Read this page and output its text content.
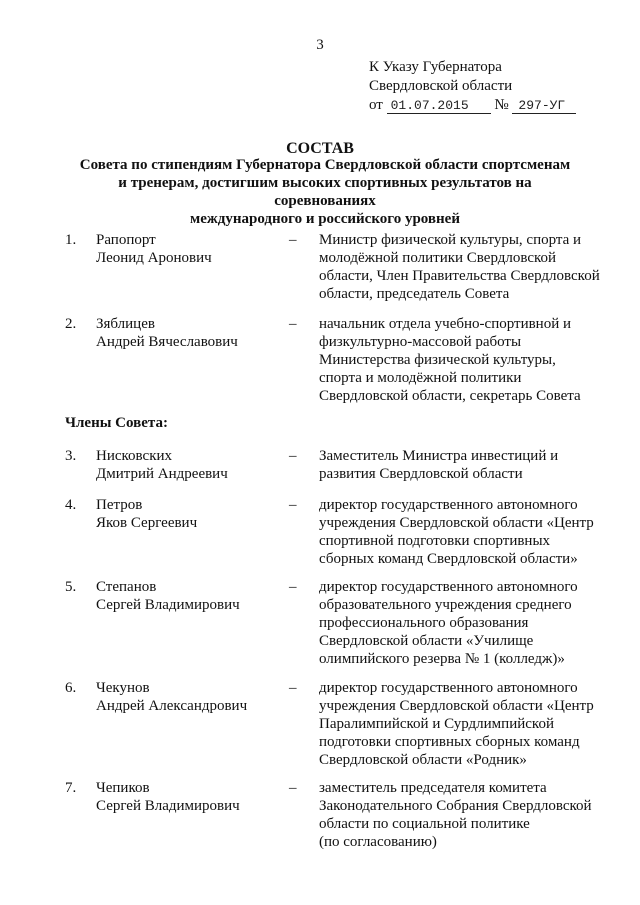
3
К Указу Губернатора
Свердловской области
от 01.07.2015 № 297-УГ
СОСТАВ
Совета по стипендиям Губернатора Свердловской области спортсменам
и тренерам, достигшим высоких спортивных результатов на соревнованиях
международного и российского уровней
1. Рапопорт
Леонид Аронович
– Министр физической культуры, спорта и
молодёжной политики Свердловской
области, Член Правительства Свердловской
области, председатель Совета
2. Зяблицев
Андрей Вячеславович
– начальник отдела учебно-спортивной и
физкультурно-массовой работы
Министерства физической культуры,
спорта и молодёжной политики
Свердловской области, секретарь Совета
Члены Совета:
3. Нисковских
Дмитрий Андреевич
– Заместитель Министра инвестиций и
развития Свердловской области
4. Петров
Яков Сергеевич
– директор государственного автономного
учреждения Свердловской области «Центр
спортивной подготовки спортивных
сборных команд Свердловской области»
5. Степанов
Сергей Владимирович
– директор государственного автономного
образовательного учреждения среднего
профессионального образования
Свердловской области «Училище
олимпийского резерва № 1 (колледж)»
6. Чекунов
Андрей Александрович
– директор государственного автономного
учреждения Свердловской области «Центр
Паралимпийской и Сурдлимпийской
подготовки спортивных сборных команд
Свердловской области «Родник»
7. Чепиков
Сергей Владимирович
– заместитель председателя комитета
Законодательного Собрания Свердловской
области по социальной политике
(по согласованию)
